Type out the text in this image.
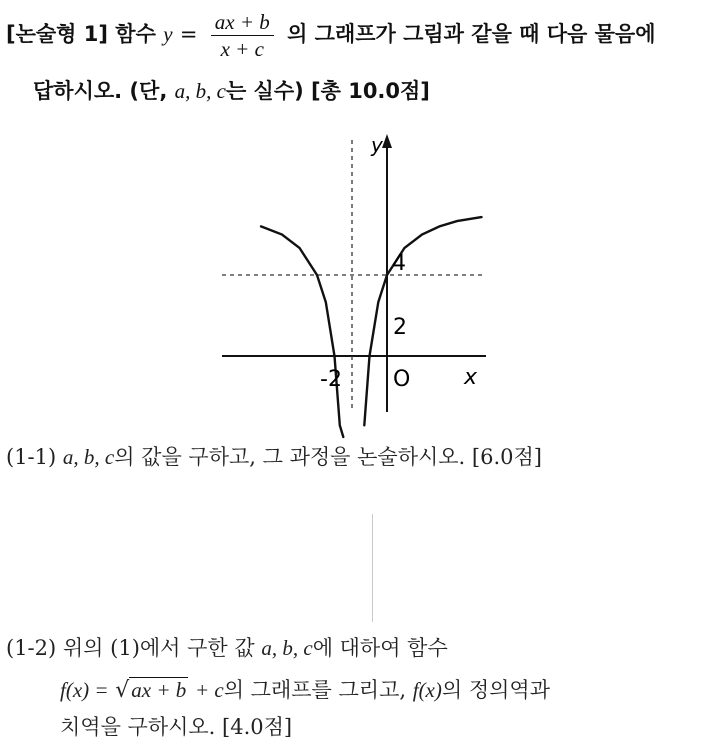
[논술형 1] 함수 $y = \frac{ax + b}{x + c}$ 의 그래프가 그림과 같을 때 다음 물음에
답하시오. (단, a, b, c는 실수) [총 10.0점]
y
x
O
4
2
-2
(1-1) a, b, c의 값을 구하고, 그 과정을 논술하시오. [6.0점]
(1-2) 위의 (1)에서 구한 값 a, b, c에 대하여 함수
f(x) = √ax + b + c의 그래프를 그리고, f(x)의 정의역과
치역을 구하시오. [4.0점]
